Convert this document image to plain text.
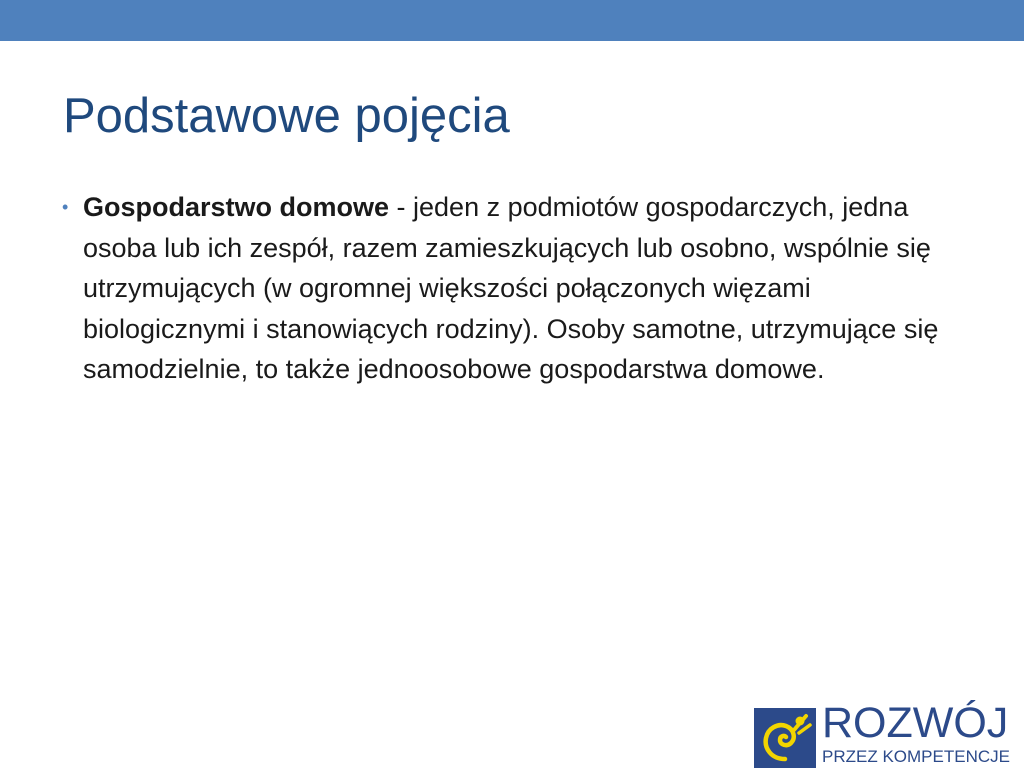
Podstawowe pojęcia
• Gospodarstwo domowe - jeden z podmiotów gospodarczych, jedna osoba lub ich zespół, razem zamieszkujących lub osobno, wspólnie się utrzymujących (w ogromnej większości połączonych więzami biologicznymi i stanowiących rodziny). Osoby samotne, utrzymujące się samodzielnie, to także jednoosobowe gospodarstwa domowe.
ROZWÓJ
PRZEZ KOMPETENCJE
